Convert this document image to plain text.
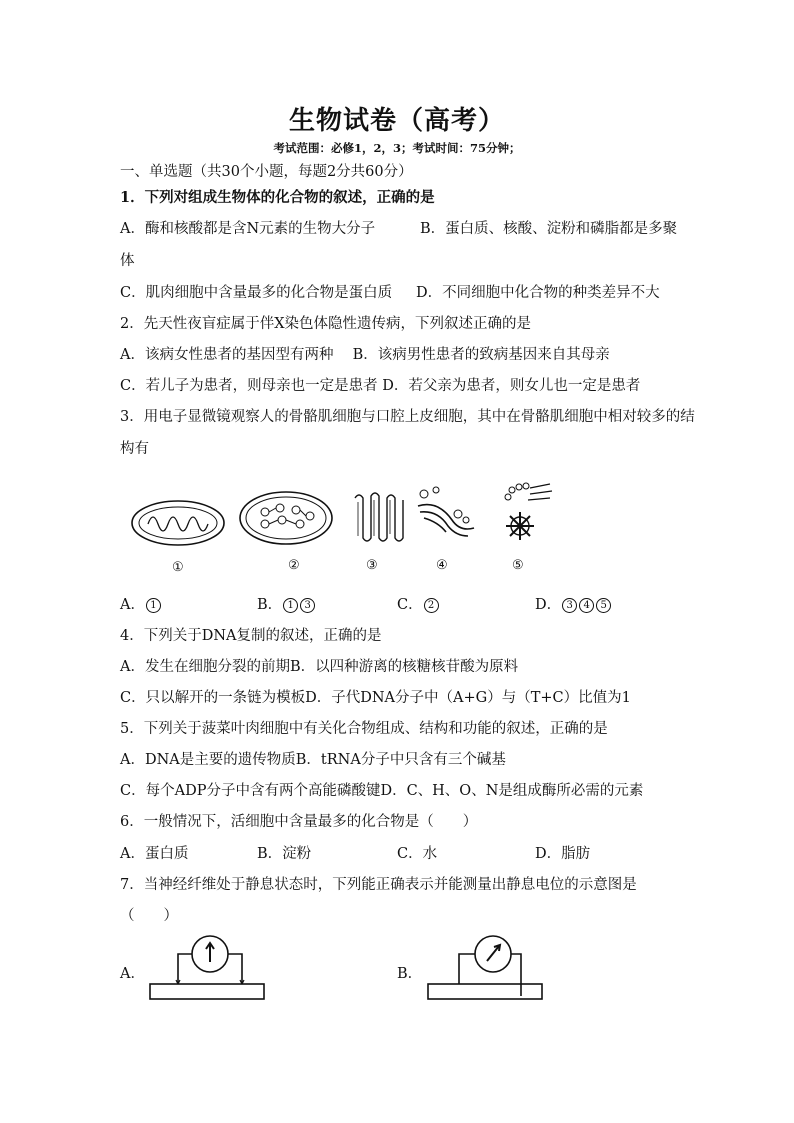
生物试卷（高考）
考试范围：必修1，2，3；考试时间：75分钟；
一、单选题（共30个小题，每题2分共60分）
1．下列对组成生物体的化合物的叙述，正确的是
A．酶和核酸都是含N元素的生物大分子	B．蛋白质、核酸、淀粉和磷脂都是多聚
体
C．肌肉细胞中含量最多的化合物是蛋白质 D．不同细胞中化合物的种类差异不大
2．先天性夜盲症属于伴X染色体隐性遗传病，下列叙述正确的是
A．该病女性患者的基因型有两种　 B．该病男性患者的致病基因来自其母亲
C．若儿子为患者，则母亲也一定是患者 D．若父亲为患者，则女儿也一定是患者
3．用电子显微镜观察人的骨骼肌细胞与口腔上皮细胞，其中在骨骼肌细胞中相对较多的结
构有
①	②	③	④	⑤
A． 1	B． 1 3	C． 2	D． 3 4 5
4．下列关于DNA复制的叙述，正确的是
A．发生在细胞分裂的前期B．以四种游离的核糖核苷酸为原料
C．只以解开的一条链为模板D．子代DNA分子中（A+G）与（T+C）比值为1
5．下列关于菠菜叶肉细胞中有关化合物组成、结构和功能的叙述，正确的是
A．DNA是主要的遗传物质B．tRNA分子中只含有三个碱基
C．每个ADP分子中含有两个高能磷酸键D．C、H、O、N是组成酶所必需的元素
6．一般情况下，活细胞中含量最多的化合物是（　　）
A．蛋白质	B．淀粉	C．水	D．脂肪
7．当神经纤维处于静息状态时，下列能正确表示并能测量出静息电位的示意图是
（　　）
A．	B．
